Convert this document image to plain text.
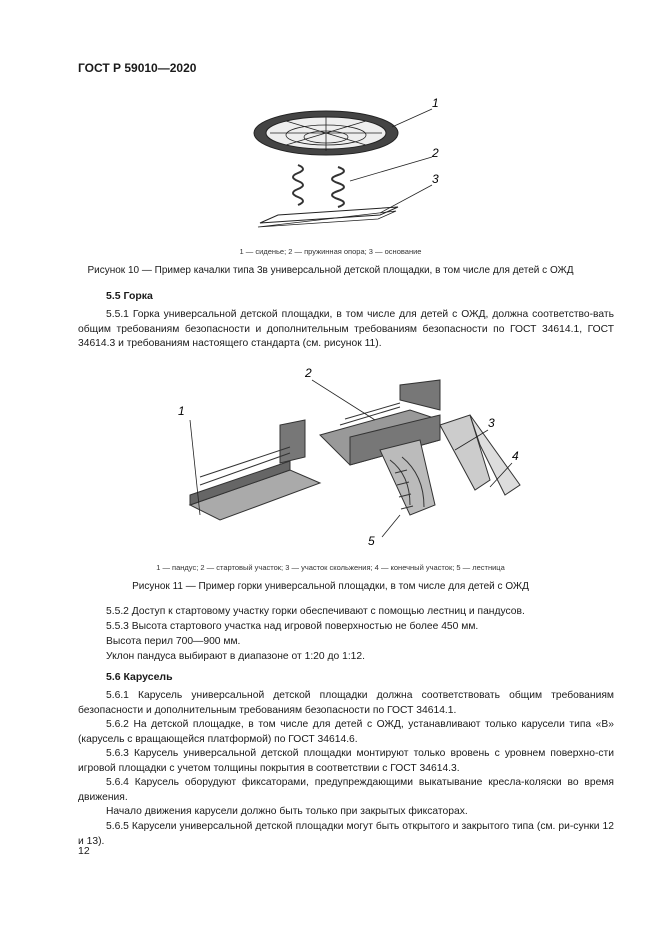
ГОСТ Р 59010—2020
1
2
3
1 — сиденье; 2 — пружинная опора; 3 — основание
Рисунок 10 — Пример качалки типа 3в универсальной детской площадки, в том числе для детей с ОЖД
5.5 Горка
5.5.1 Горка универсальной детской площадки, в том числе для детей с ОЖД, должна соответство-вать общим требованиям безопасности и дополнительным требованиям безопасности по ГОСТ 34614.1, ГОСТ 34614.3 и требованиям настоящего стандарта (см. рисунок 11).
1
2
3
4
5
1 — пандус; 2 — стартовый участок; 3 — участок скольжения; 4 — конечный участок; 5 — лестница
Рисунок 11 — Пример горки универсальной площадки, в том числе для детей с ОЖД
5.5.2 Доступ к стартовому участку горки обеспечивают с помощью лестниц и пандусов.
5.5.3 Высота стартового участка над игровой поверхностью не более 450 мм.
Высота перил 700—900 мм.
Уклон пандуса выбирают в диапазоне от 1:20 до 1:12.
5.6 Карусель
5.6.1 Карусель универсальной детской площадки должна соответствовать общим требованиям безопасности и дополнительным требованиям безопасности по ГОСТ 34614.1.
5.6.2 На детской площадке, в том числе для детей с ОЖД, устанавливают только карусели типа «В» (карусель с вращающейся платформой) по ГОСТ 34614.6.
5.6.3 Карусель универсальной детской площадки монтируют только вровень с уровнем поверхно-сти игровой площадки с учетом толщины покрытия в соответствии с ГОСТ 34614.3.
5.6.4 Карусель оборудуют фиксаторами, предупреждающими выкатывание кресла-коляски во время движения.
Начало движения карусели должно быть только при закрытых фиксаторах.
5.6.5 Карусели универсальной детской площадки могут быть открытого и закрытого типа (см. ри-сунки 12 и 13).
12
